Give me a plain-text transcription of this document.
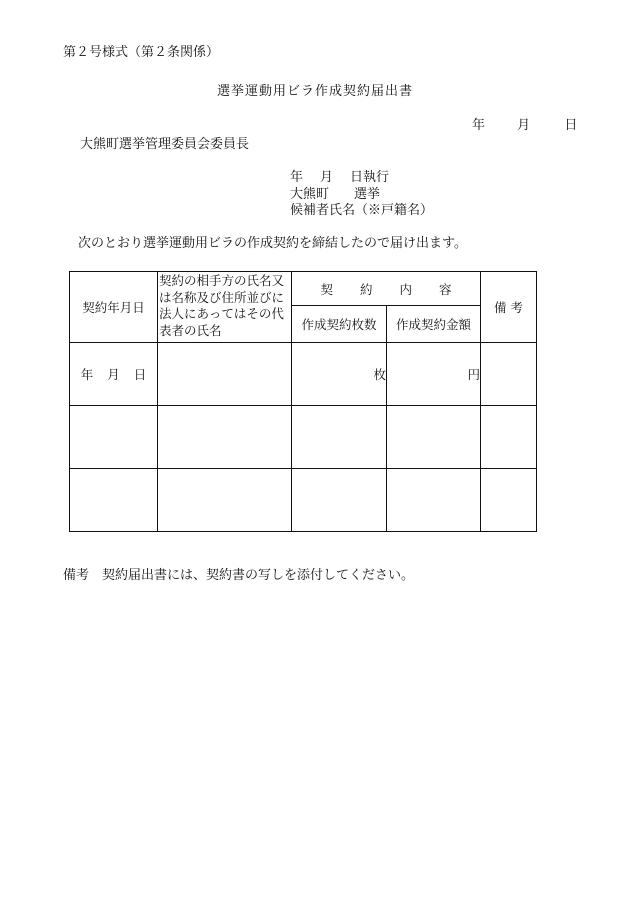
第２号様式（第２条関係）
選挙運動用ビラ作成契約届出書
年 月	日
大熊町選挙管理委員会委員長
年 月 日執行
大熊町 選挙
候補者氏名（※戸籍名）
次のとおり選挙運動用ビラの作成契約を締結したので届け出ます。
契約年月日	契約の相手方の氏名又は名称及び住所並びに法人にあってはその代表者の氏名	契 約 内 容		備 考
		作成契約枚数	作成契約金額	
年 月 日		枚	円	

備考　契約届出書には、契約書の写しを添付してください。
